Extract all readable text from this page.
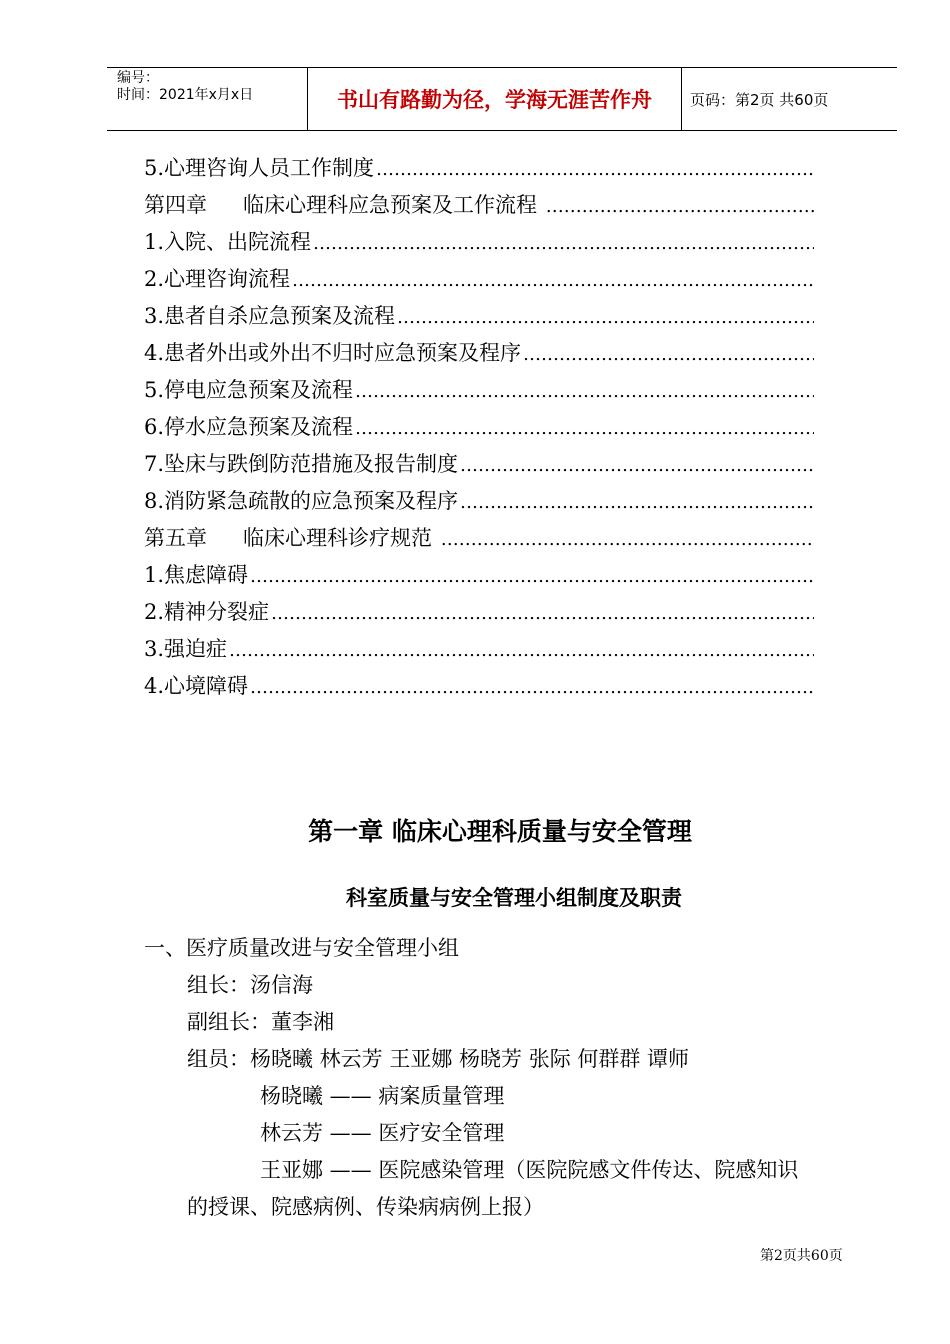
编号：
时间：2021年x月x日	书山有路勤为径，学海无涯苦作舟	页码：第2页 共60页
5.心理咨询人员工作制度
……………………………………………………………………………………………………………………
第四章 临床心理科应急预案及工作流程
……………………………………………………………………………………………………………………
1.入院、出院流程
……………………………………………………………………………………………………………………
2.心理咨询流程
……………………………………………………………………………………………………………………
3.患者自杀应急预案及流程
……………………………………………………………………………………………………………………
4.患者外出或外出不归时应急预案及程序
……………………………………………………………………………………………………………………
5.停电应急预案及流程
……………………………………………………………………………………………………………………
6.停水应急预案及流程
……………………………………………………………………………………………………………………
7.坠床与跌倒防范措施及报告制度
……………………………………………………………………………………………………………………
8.消防紧急疏散的应急预案及程序
……………………………………………………………………………………………………………………
第五章 临床心理科诊疗规范
……………………………………………………………………………………………………………………
1.焦虑障碍
……………………………………………………………………………………………………………………
2.精神分裂症
……………………………………………………………………………………………………………………
3.强迫症
……………………………………………………………………………………………………………………
4.心境障碍
……………………………………………………………………………………………………………………
第一章 临床心理科质量与安全管理
科室质量与安全管理小组制度及职责
一、医疗质量改进与安全管理小组
组长：汤信海
副组长：董李湘
组员：杨晓曦 林云芳 王亚娜 杨晓芳 张际 何群群 谭师
杨晓曦 —— 病案质量管理
林云芳 —— 医疗安全管理
王亚娜 —— 医院感染管理（医院院感文件传达、院感知识
的授课、院感病例、传染病病例上报）
第2页共60页
